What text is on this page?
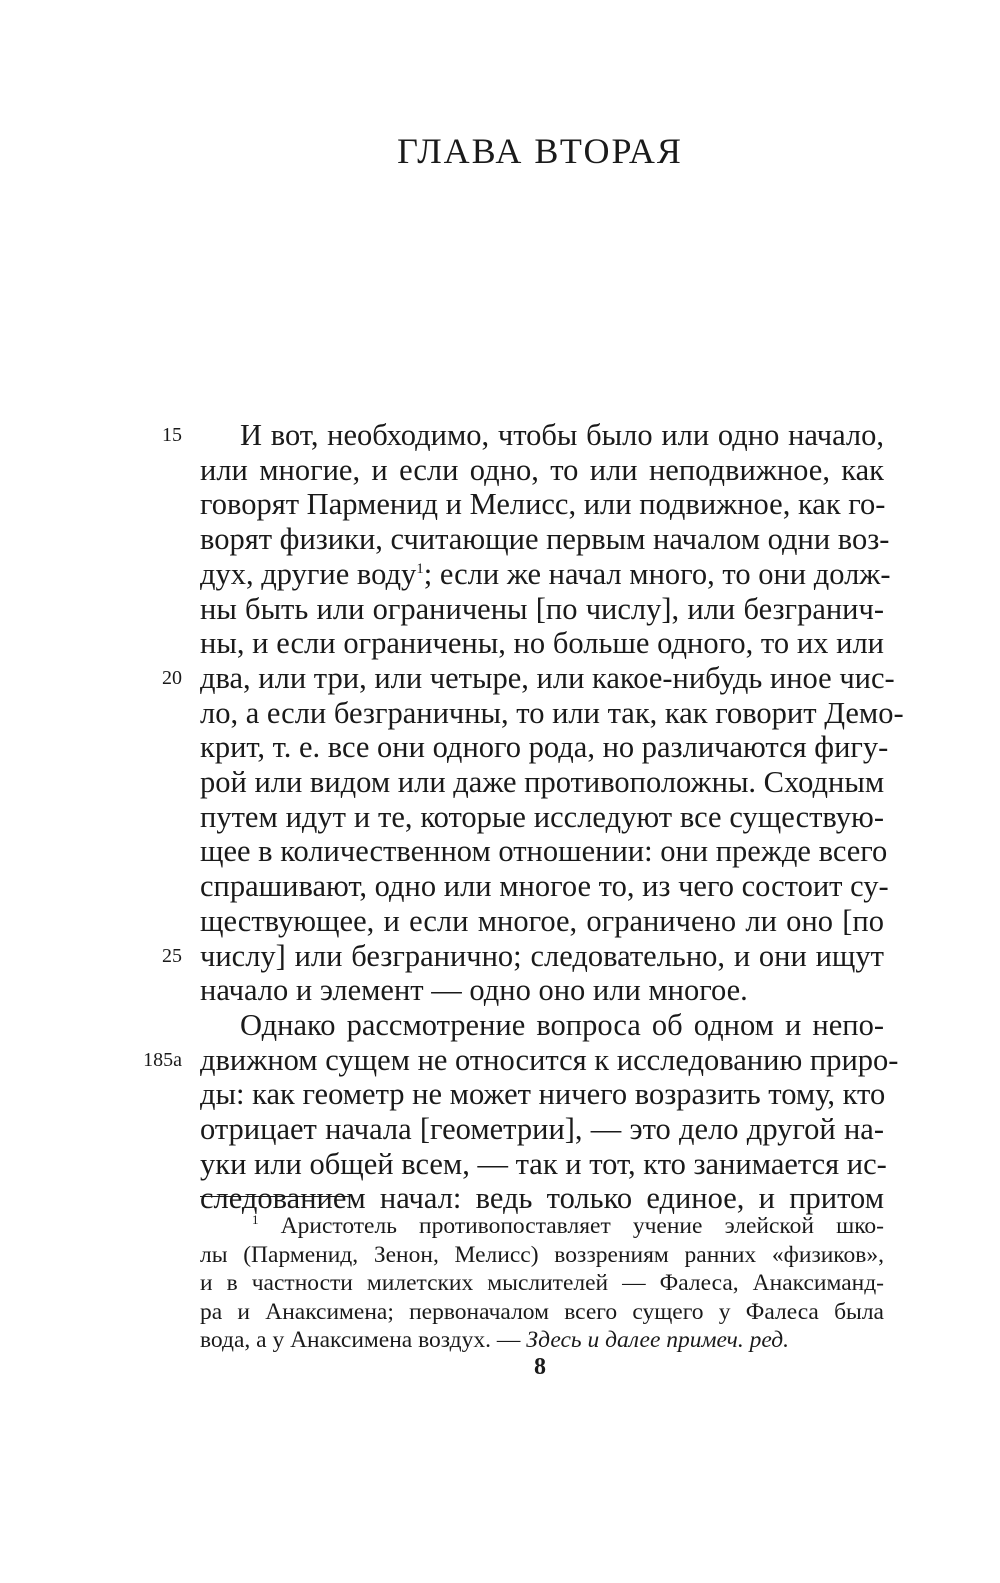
ГЛАВА ВТОРАЯ
15 И вот, необходимо, чтобы было или одно начало,
или многие, и если одно, то или неподвижное, как
говорят Парменид и Мелисс, или подвижное, как го-
ворят физики, считающие первым началом одни воз-
дух, другие воду$^1$; если же начал много, то они долж-
ны быть или ограничены [по числу], или безгранич-
ны, и если ограничены, но больше одного, то их или
20 два, или три, или четыре, или какое-нибудь иное чис-
ло, а если безграничны, то или так, как говорит Демо-
крит, т. е. все они одного рода, но различаются фигу-
рой или видом или даже противоположны. Сходным
путем идут и те, которые исследуют все существую-
щее в количественном отношении: они прежде всего
спрашивают, одно или многое то, из чего состоит су-
ществующее, и если многое, ограничено ли оно [по
25 числу] или безгранично; следовательно, и они ищут
начало и элемент — одно оно или многое.
Однако рассмотрение вопроса об одном и непо-
185a движном сущем не относится к исследованию приро-
ды: как геометр не может ничего возразить тому, кто
отрицает начала [геометрии], — это дело другой на-
уки или общей всем, — так и тот, кто занимается ис-
следованием начал: ведь только единое, и притом
$^1$ Аристотель противопоставляет учение элейской шко-
лы (Парменид, Зенон, Мелисс) воззрениям ранних «физиков»,
и в частности милетских мыслителей — Фалеса, Анаксиманд-
ра и Анаксимена; первоначалом всего сущего у Фалеса была
вода, а у Анаксимена воздух. — Здесь и далее примеч. ред.
8
